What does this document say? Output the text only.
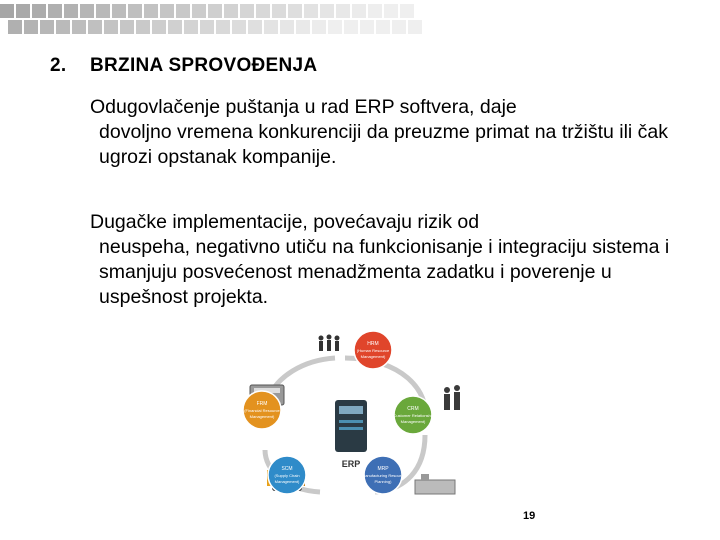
2. BRZINA SPROVOĐENJA
Odugovlačenje puštanja u rad ERP softvera, daje
dovoljno vremena konkurenciji da preuzme primat na tržištu ili čak ugrozi opstanak kompanije.
Dugačke implementacije, povećavaju rizik od
neuspeha, negativno utiču na funkcionisanje i integraciju sistema i smanjuju posvećenost menadžmenta zadatku i poverenje u uspešnost projekta.
HRM
(Human Resource
Management)
CRM
(Customer Relationship
Management)
MRP
(Manufacturing Resource
Planning)
SCM
(Supply Chain
Management)
FRM
(Financial Resource
Management)
ERP
19
